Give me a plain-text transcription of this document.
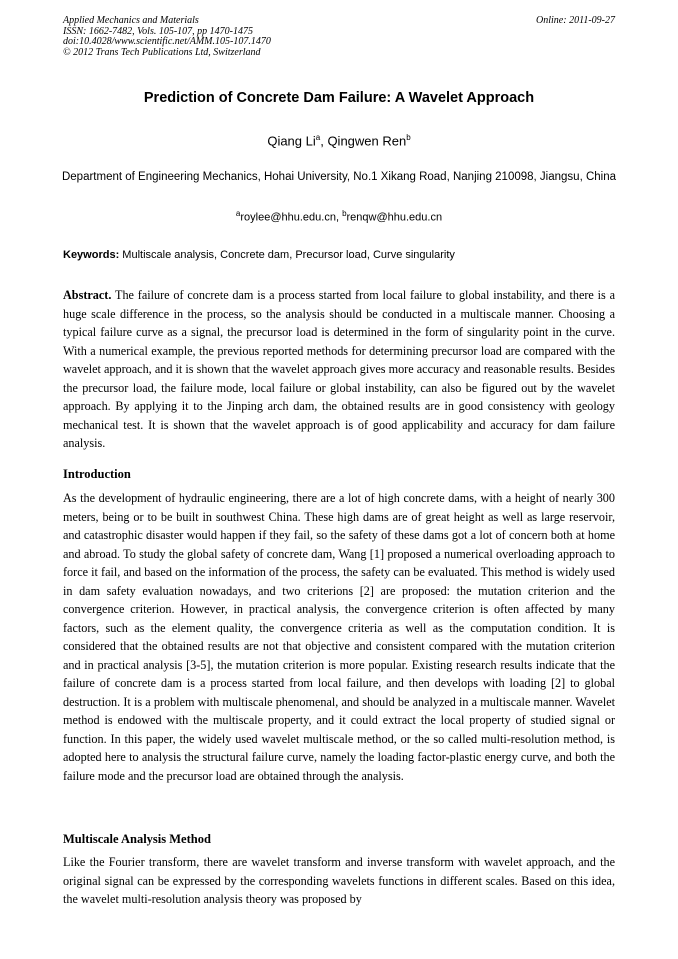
Applied Mechanics and Materials
ISSN: 1662-7482, Vols. 105-107, pp 1470-1475
doi:10.4028/www.scientific.net/AMM.105-107.1470
© 2012 Trans Tech Publications Ltd, Switzerland
Online: 2011-09-27
Prediction of Concrete Dam Failure: A Wavelet Approach
Qiang Li$^a$, Qingwen Ren$^b$
Department of Engineering Mechanics, Hohai University, No.1 Xikang Road, Nanjing 210098, Jiangsu, China
$^a$roylee@hhu.edu.cn, $^b$renqw@hhu.edu.cn
Keywords: Multiscale analysis, Concrete dam, Precursor load, Curve singularity

Abstract. The failure of concrete dam is a process started from local failure to global instability, and there is a huge scale difference in the process, so the analysis should be conducted in a multiscale manner. Choosing a typical failure curve as a signal, the precursor load is determined in the form of singularity point in the curve. With a numerical example, the previous reported methods for determining precursor load are compared with the wavelet approach, and it is shown that the wavelet approach gives more accuracy and reasonable results. Besides the precursor load, the failure mode, local failure or global instability, can also be figured out by the wavelet approach. By applying it to the Jinping arch dam, the obtained results are in good consistency with geology mechanical test. It is shown that the wavelet approach is of good applicability and accuracy for dam failure analysis.

Introduction

As the development of hydraulic engineering, there are a lot of high concrete dams, with a height of nearly 300 meters, being or to be built in southwest China. These high dams are of great height as well as large reservoir, and catastrophic disaster would happen if they fail, so the safety of these dams got a lot of concern both at home and abroad. To study the global safety of concrete dam, Wang [1] proposed a numerical overloading approach to force it fail, and based on the information of the process, the safety can be evaluated. This method is widely used in dam safety evaluation nowadays, and two criterions [2] are proposed: the mutation criterion and the convergence criterion. However, in practical analysis, the convergence criterion is often affected by many factors, such as the element quality, the convergence criteria as well as the computation condition. It is considered that the obtained results are not that objective and consistent compared with the mutation criterion and in practical analysis [3-5], the mutation criterion is more popular. Existing research results indicate that the failure of concrete dam is a process started from local failure, and then develops with loading [2] to global destruction. It is a problem with multiscale phenomenal, and should be analyzed in a multiscale manner. Wavelet method is endowed with the multiscale property, and it could extract the local property of studied signal or function. In this paper, the widely used wavelet multiscale method, or the so called multi-resolution method, is adopted here to analysis the structural failure curve, namely the loading factor-plastic energy curve, and both the failure mode and the precursor load are obtained through the analysis.

Multiscale Analysis Method

Like the Fourier transform, there are wavelet transform and inverse transform with wavelet approach, and the original signal can be expressed by the corresponding wavelets functions in different scales. Based on this idea, the wavelet multi-resolution analysis theory was proposed by
